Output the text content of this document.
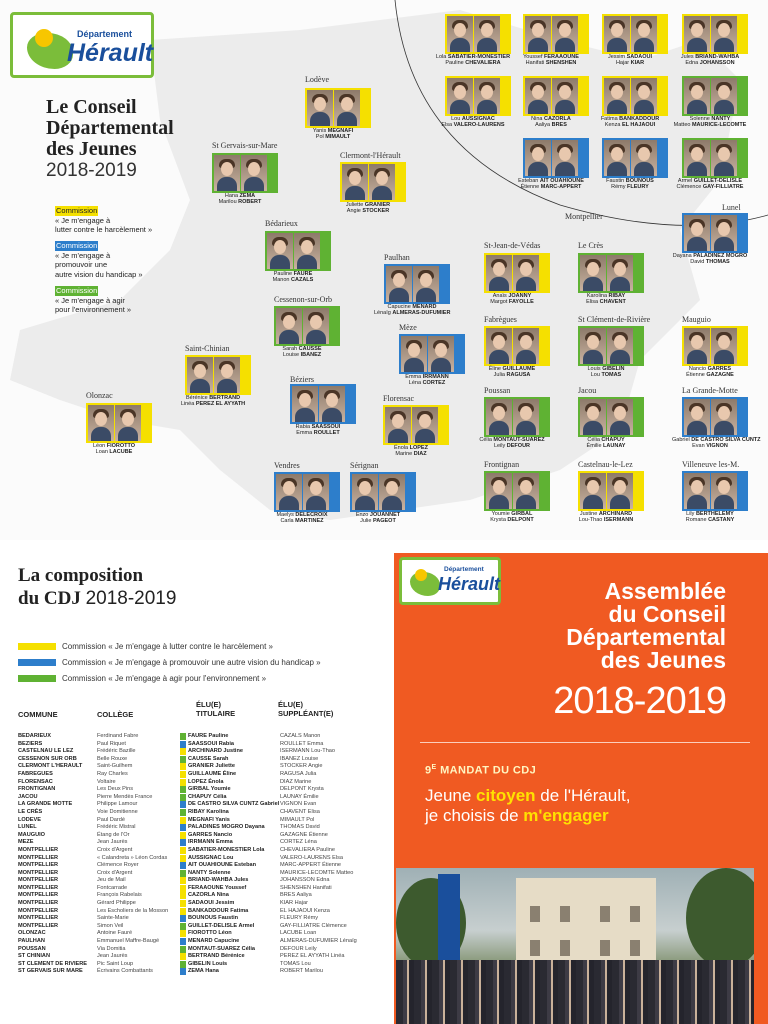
Département
Hérault
Le Conseil
Départemental
des Jeunes
2018-2019
Commission
« Je m'engage à
lutter contre le harcèlement »
Commission
« Je m'engage à
promouvoir une
autre vision du handicap »
Commission
« Je m'engage à agir
pour l'environnement »
Montpellier
Lodève
Yanis MEGNAFI
Pol MIMAULT
St Gervais-sur-Mare
Hana ZEMA
Marilou ROBERT
Clermont-l'Hérault
Juliette GRANIER
Angie STOCKER
Bédarieux
Pauline FAURE
Manon CAZALS
Cessenon-sur-Orb
Sarah CAUSSE
Louise IBANEZ
Paulhan
Capucine MENARD
Lénaïg ALMERAS-DUFUMIER
Saint-Chinian
Bérénice BERTRAND
Linéa PEREZ EL AYYATH
Béziers
Rabia SAASSOUI
Emma ROULLET
Mèze
Emma IRRMANN
Léna CORTEZ
Florensac
Énola LOPEZ
Marine DIAZ
Olonzac
Léon FIOROTTO
Loan LACUBE
Vendres
Maelys DELECROIX
Carla MARTINEZ
Sérignan
Enzo JOUANNET
Julie PAGEOT
St-Jean-de-Védas
Anaïs JOANNY
Margot FAYOLLE
Le Crès
Karolina RIBAY
Elisa CHAVENT
Fabrègues
Éline GUILLAUME
Julia RAGUSA
St Clément-de-Rivière
Louis GIBELIN
Lou TOMAS
Mauguio
Nancio GARRES
Étienne GAZAGNE
Poussan
Célia MONTAUT-SUAREZ
Leily DEFOUR
Jacou
Célia CHAPUY
Émilie LAUNAY
La Grande-Motte
Gabriel DE CASTRO SILVA CUNTZ
Evan VIGNON
Frontignan
Youmie GIRBAL
Krysta DELPONT
Castelnau-le-Lez
Justine ARCHINARD
Lou-Thao ISERMANN
Villeneuve les-M.
Lily BERTHELEMY
Romane CASTANY
Lunel
Dayana PALADINEZ MOGRO
David THOMAS
Lola SABATIER-MONESTIER
Pauline CHEVALIERA
Youssef FERAAOUNE
Hanifati SHENSHEN
Jessim SADAOUI
Hajar KIAR
Jules BRIAND-WAHBA
Edna JOHANSSON
Lou AUSSIGNAC
Elsa VALERO-LAURENS
Nina CAZORLA
Aaliya BRES
Fatima BANKADDOUR
Kenza EL HAJAOUI
Solenne NANTY
Matteo MAURICE-LECOMTE
Esteban AIT OUAHIOUNE
Étienne MARC-APPERT
Faustin BOUNOUS
Rémy FLEURY
Armel GUILLET-DELISLE
Clémence GAY-FILLIATRE
La composition
du CDJ 2018-2019
Commission « Je m'engage à lutter contre le harcèlement »
Commission « Je m'engage à promouvoir une autre vision du handicap »
Commission « Je m'engage à agir pour l'environnement »
COMMUNE	COLLÈGE
ÉLU(E)
TITULAIRE
ÉLU(E)
SUPPLÉANT(E)
BEDARIEUX	Ferdinand Fabre		FAURE Pauline	CAZALS Manon
BEZIERS	Paul Riquet		SAASSOUI Rabia	ROULLET Emma
CASTELNAU LE LEZ	Frédéric Bazille		ARCHINARD Justine	ISERMANN Lou-Thao
CESSENON SUR ORB	Belle Rouxe		CAUSSE Sarah	IBANEZ Louise
CLERMONT L'HERAULT	Saint-Guilhem		GRANIER Juliette	STOCKER Angie
FABREGUES	Ray Charles		GUILLAUME Éline	RAGUSA Julia
FLORENSAC	Voltaire		LOPEZ Énola	DIAZ Marine
FRONTIGNAN	Les Deux Pins		GIRBAL Youmie	DELPONT Krysta
JACOU	Pierre Mendès France		CHAPUY Célia	LAUNAY Émilie
LA GRANDE MOTTE	Philippe Lamour		DE CASTRO SILVA CUNTZ Gabriel	VIGNON Evan
LE CRÈS	Voie Domitienne		RIBAY Karolina	CHAVENT Elisa
LODEVE	Paul Dardé		MEGNAFI Yanis	MIMAULT Pol
LUNEL	Frédéric Mistral		PALADINES MOGRO Dayana	THOMAS David
MAUGUIO	Étang de l'Or		GARRES Nancio	GAZAGNE Étienne
MEZE	Jean Jaurès		IRRMANN Emma	CORTEZ Léna
MONTPELLIER	Croix d'Argent		SABATIER-MONESTIER Lola	CHEVALIERA Pauline
MONTPELLIER	« Calandreta » Léon Cordas		AUSSIGNAC Lou	VALERO-LAURENS Elsa
MONTPELLIER	Clémence Royer		AIT OUAHIOUNE Esteban	MARC-APPERT Étienne
MONTPELLIER	Croix d'Argent		NANTY Solenne	MAURICE-LECOMTE Matteo
MONTPELLIER	Jeu de Mail		BRIAND-WAHBA Jules	JOHANSSON Edna
MONTPELLIER	Fontcarrade		FERAAOUNE Youssef	SHENSHEN Hanifati
MONTPELLIER	François Rabelais		CAZORLA Nina	BRES Aaliya
MONTPELLIER	Gérard Philippe		SADAOUI Jessim	KIAR Hajar
MONTPELLIER	Les Escholiers de la Mosson		BANKADDOUR Fatima	EL HAJAOUI Kenza
MONTPELLIER	Sainte-Marie		BOUNOUS Faustin	FLEURY Rémy
MONTPELLIER	Simon Veil		GUILLET-DELISLE Armel	GAY-FILLIATRE Clémence
OLONZAC	Antoine Fauré		FIOROTTO Léon	LACUBE Loan
PAULHAN	Emmanuel Maffre-Baugé		MENARD Capucine	ALMERAS-DUFUMIER Lénaïg
POUSSAN	Via Domitia		MONTAUT-SUAREZ Célia	DEFOUR Leily
ST CHINIAN	Jean Jaurès		BERTRAND Bérénice	PEREZ EL AYYATH Linéa
ST CLEMENT DE RIVIERE	Pic Saint Loup		GIBELIN Louis	TOMAS Lou
ST GERVAIS SUR MARE	Écrivains Combattants		ZEMA Hana	ROBERT Marilou
Département
Hérault	Assemblée
du Conseil
Départemental
des Jeunes
2018-2019
$9^E$ MANDAT DU CDJ
Jeune citoyen de l'Hérault,
je choisis de m'engager
